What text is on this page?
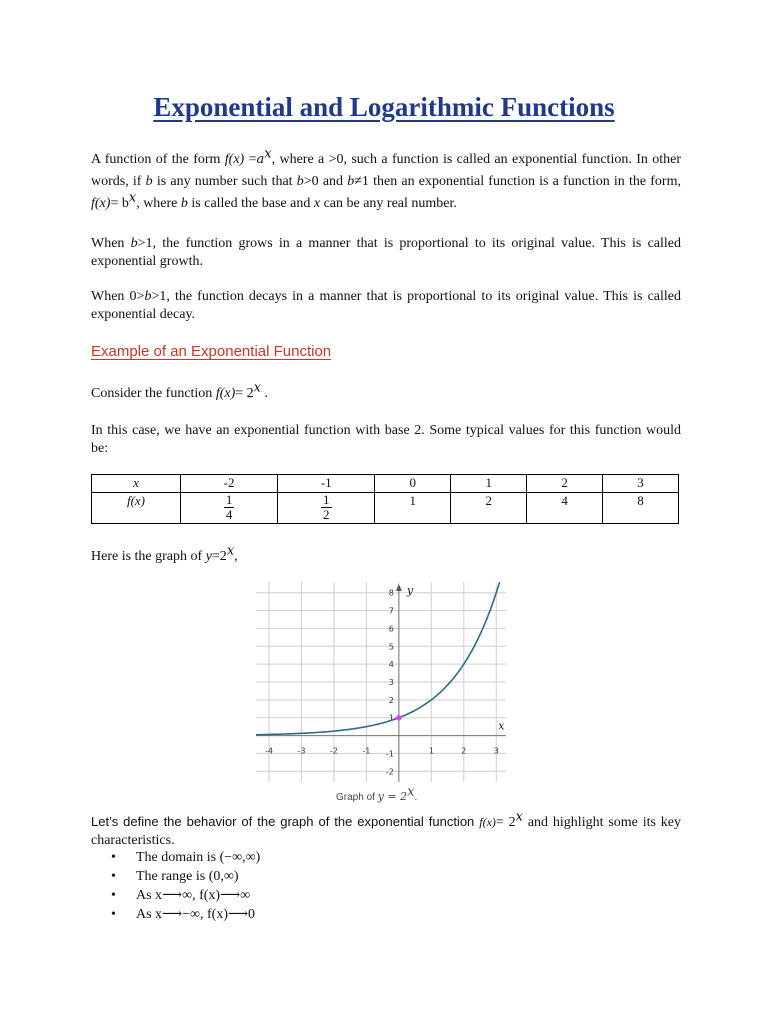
Exponential and Logarithmic Functions

A function of the form $f(x) =a^x$, where a >0, such a function is called an exponential function. In other words, if b is any number such that b>0 and b≠1 then an exponential function is a function in the form, $f(x)= b^x$, where b is called the base and x can be any real number.

When b>1, the function grows in a manner that is proportional to its original value. This is called exponential growth.

When 0>b>1, the function decays in a manner that is proportional to its original value. This is called exponential decay.

Example of an Exponential Function

Consider the function $f(x)= 2^x$ .

In this case, we have an exponential function with base 2. Some typical values for this function would be:

x	-2	-1	0	1	2	3
f(x)	$\frac{1}{4}$	$\frac{1}{2}$	1	2	4	8

Here is the graph of $y=2^x$,

x
y
-4	-3	-2	-1	1	2	3
8
7
6
5
4
3
2
1
-1
-2
Graph of $y = 2^x$.

Let’s define the behavior of the graph of the exponential function $f(x)= 2^x$ and highlight some its key characteristics.

• The domain is (−∞,∞)
• The range is (0,∞)
• As x⟶∞, f(x)⟶∞
• As x⟶−∞, f(x)⟶0
